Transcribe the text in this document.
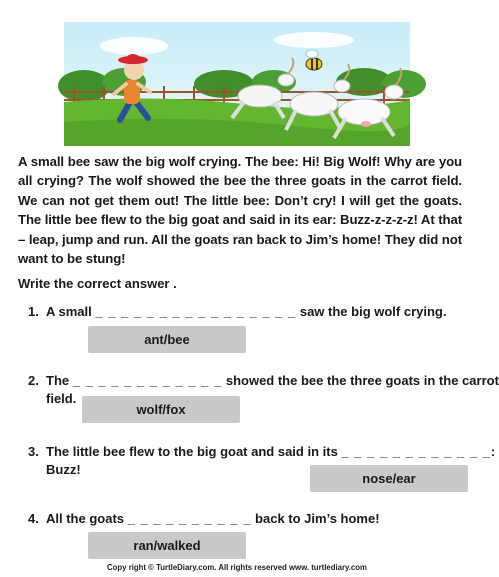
A small bee saw the big wolf crying. The bee: Hi! Big Wolf! Why are you all crying? The wolf showed the bee the three goats in the carrot field. We can not get them out! The little bee: Don’t cry! I will get the goats. The little bee flew to the big goat and said in its ear: Buzz-z-z-z-z! At that – leap, jump and run. All the goats ran back to Jim’s home! They did not want to be stung!
Write the correct answer .
1. A small _ _ _ _ _ _ _ _ _ _ _ _ _ _ _ _ saw the big wolf crying.
ant/bee
2. The _ _ _ _ _ _ _ _ _ _ _ _ showed the bee the three goats in the carrot
field.
wolf/fox
3. The little bee flew to the big goat and said in its _ _ _ _ _ _ _ _ _ _ _ _:
Buzz!
nose/ear
4. All the goats _ _ _ _ _ _ _ _ _ _ back to Jim’s home!
ran/walked
Copy right © TurtleDiary.com. All rights reserved www. turtlediary.com
